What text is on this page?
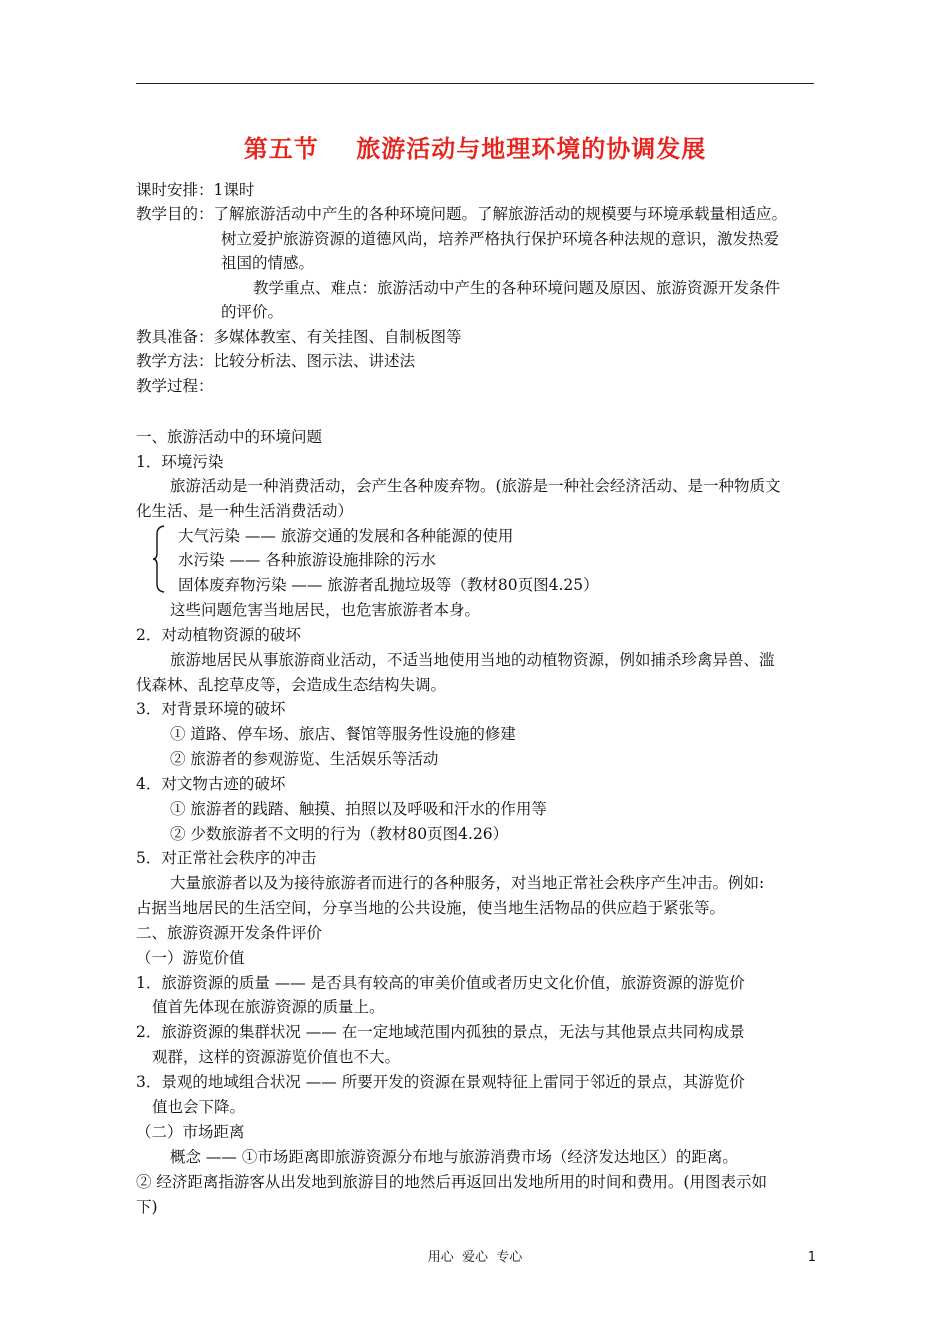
第五节    旅游活动与地理环境的协调发展
课时安排：1课时
教学目的：了解旅游活动中产生的各种环境问题。了解旅游活动的规模要与环境承载量相适应。
树立爱护旅游资源的道德风尚，培养严格执行保护环境各种法规的意识，激发热爱
祖国的情感。
教学重点、难点：旅游活动中产生的各种环境问题及原因、旅游资源开发条件
的评价。
教具准备：多媒体教室、有关挂图、自制板图等
教学方法：比较分析法、图示法、讲述法
教学过程：
一、旅游活动中的环境问题
1．环境污染
旅游活动是一种消费活动，会产生各种废弃物。(旅游是一种社会经济活动、是一种物质文
化生活、是一种生活消费活动）
大气污染 —— 旅游交通的发展和各种能源的使用
水污染 —— 各种旅游设施排除的污水
固体废弃物污染 —— 旅游者乱抛垃圾等（教材80页图4.25）
这些问题危害当地居民，也危害旅游者本身。
2．对动植物资源的破坏
旅游地居民从事旅游商业活动，不适当地使用当地的动植物资源，例如捕杀珍禽异兽、滥
伐森林、乱挖草皮等，会造成生态结构失调。
3．对背景环境的破坏
① 道路、停车场、旅店、餐馆等服务性设施的修建
② 旅游者的参观游览、生活娱乐等活动
4．对文物古迹的破坏
① 旅游者的践踏、触摸、拍照以及呼吸和汗水的作用等
② 少数旅游者不文明的行为（教材80页图4.26）
5．对正常社会秩序的冲击
大量旅游者以及为接待旅游者而进行的各种服务，对当地正常社会秩序产生冲击。例如:
占据当地居民的生活空间，分享当地的公共设施，使当地生活物品的供应趋于紧张等。
二、旅游资源开发条件评价
（一）游览价值
1．旅游资源的质量 —— 是否具有较高的审美价值或者历史文化价值，旅游资源的游览价
值首先体现在旅游资源的质量上。
2．旅游资源的集群状况 —— 在一定地域范围内孤独的景点，无法与其他景点共同构成景
观群，这样的资源游览价值也不大。
3．景观的地域组合状况 —— 所要开发的资源在景观特征上雷同于邻近的景点，其游览价
值也会下降。
（二）市场距离
概念 —— ①市场距离即旅游资源分布地与旅游消费市场（经济发达地区）的距离。
② 经济距离指游客从出发地到旅游目的地然后再返回出发地所用的时间和费用。(用图表示如
下)
用心  爱心  专心	1
